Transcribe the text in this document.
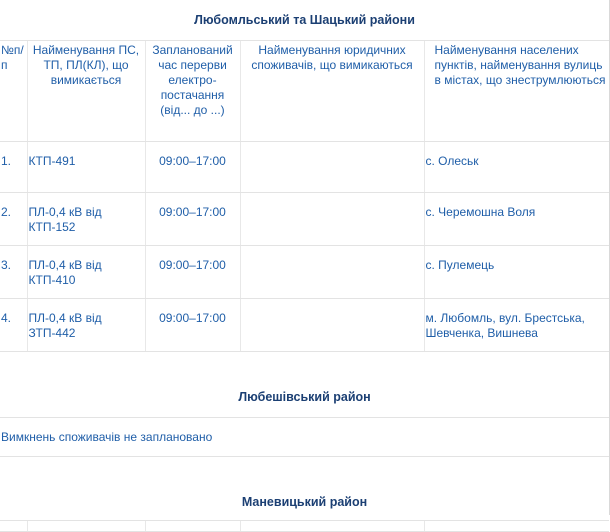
Любомльський та Шацький райони				
№п/п	Найменування ПС, ТП, ПЛ(КЛ), що вимикається	Запланований час перерви електро-постачання (від... до ...)	Найменування юридичних споживачів, що вимикаються	Найменування населених пунктів, найменування вулиць в містах, що знеструмлюються
1.	КТП-491	09:00–17:00		с. Олеськ
2.	ПЛ-0,4 кВ від КТП-152	09:00–17:00		с. Черемошна Воля
3.	ПЛ-0,4 кВ від КТП-410	09:00–17:00		с. Пулемець
4.	ПЛ-0,4 кВ від ЗТП-442	09:00–17:00		м. Любомль, вул. Брестська, Шевченка, Вишнева
Любешівський район				
Вимкнень споживачів не заплановано				
Маневицький район				
